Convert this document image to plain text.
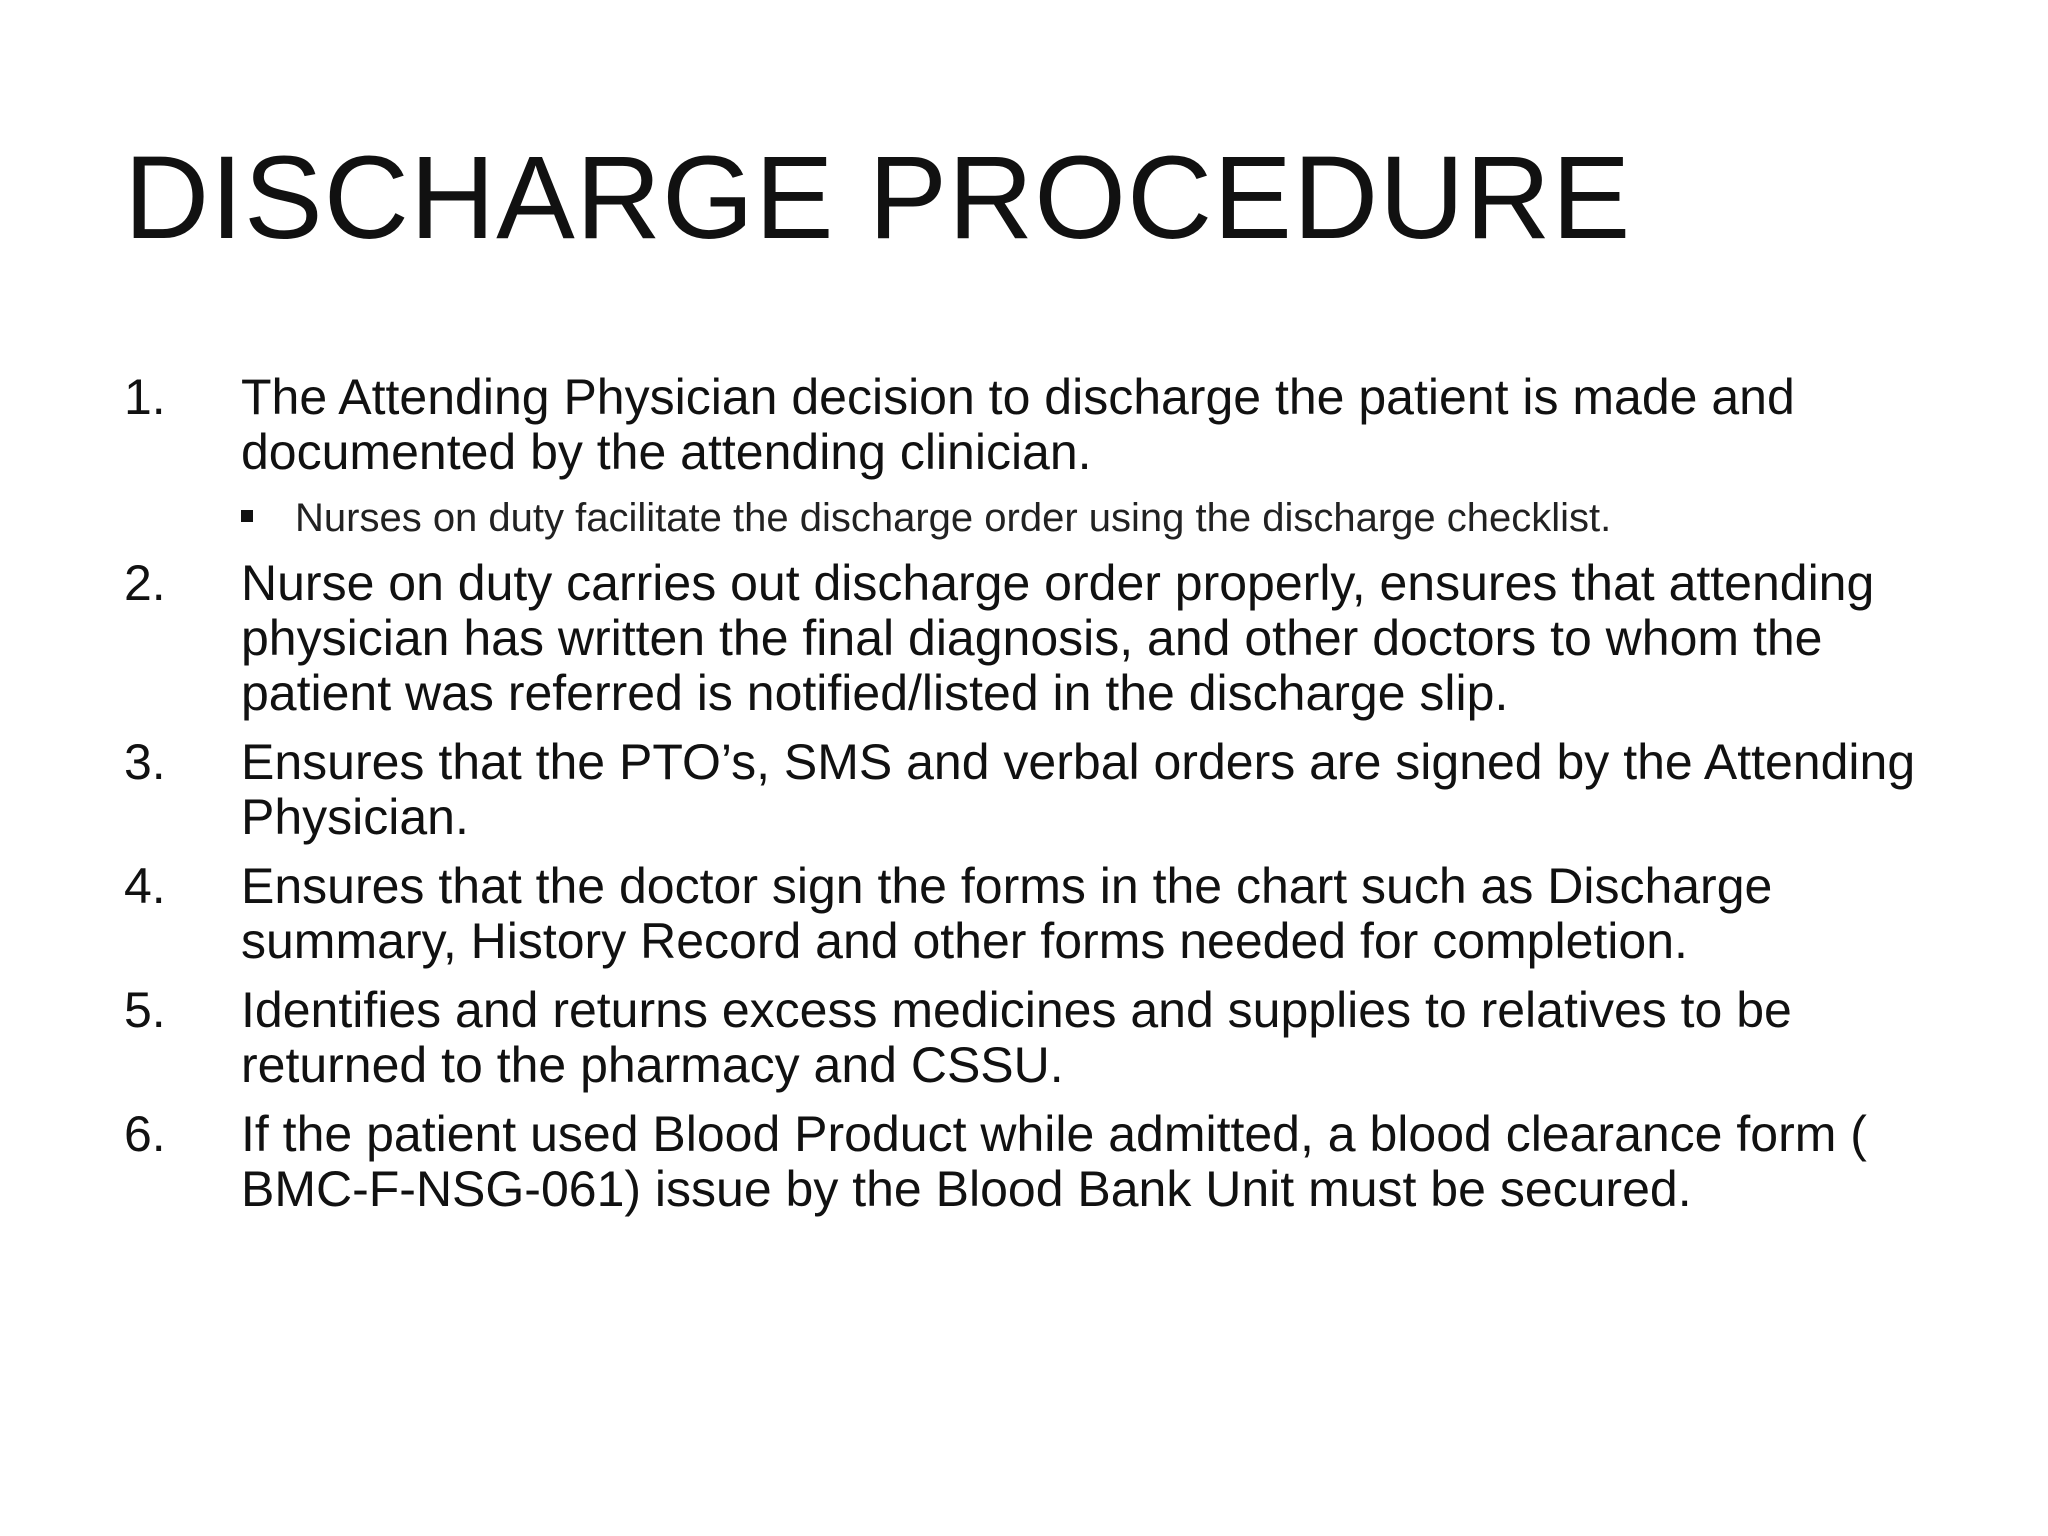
DISCHARGE PROCEDURE
1.	The Attending Physician decision to discharge the patient is made and documented by the attending clinician.
Nurses on duty facilitate the discharge order using the discharge checklist.
2.	Nurse on duty carries out discharge order properly, ensures that attending physician has written the final diagnosis, and other doctors to whom the patient was referred is notified/listed in the discharge slip.
3.	Ensures that the PTO’s, SMS and verbal orders are signed by the Attending Physician.
4.	Ensures that the doctor sign the forms in the chart such as Discharge summary, History Record and other forms needed for completion.
5.	Identifies and returns excess medicines and supplies to relatives to be returned to the pharmacy and CSSU.
6.	If the patient used Blood Product while admitted, a blood clearance form ( BMC-F-NSG-061) issue by the Blood Bank Unit must be secured.
